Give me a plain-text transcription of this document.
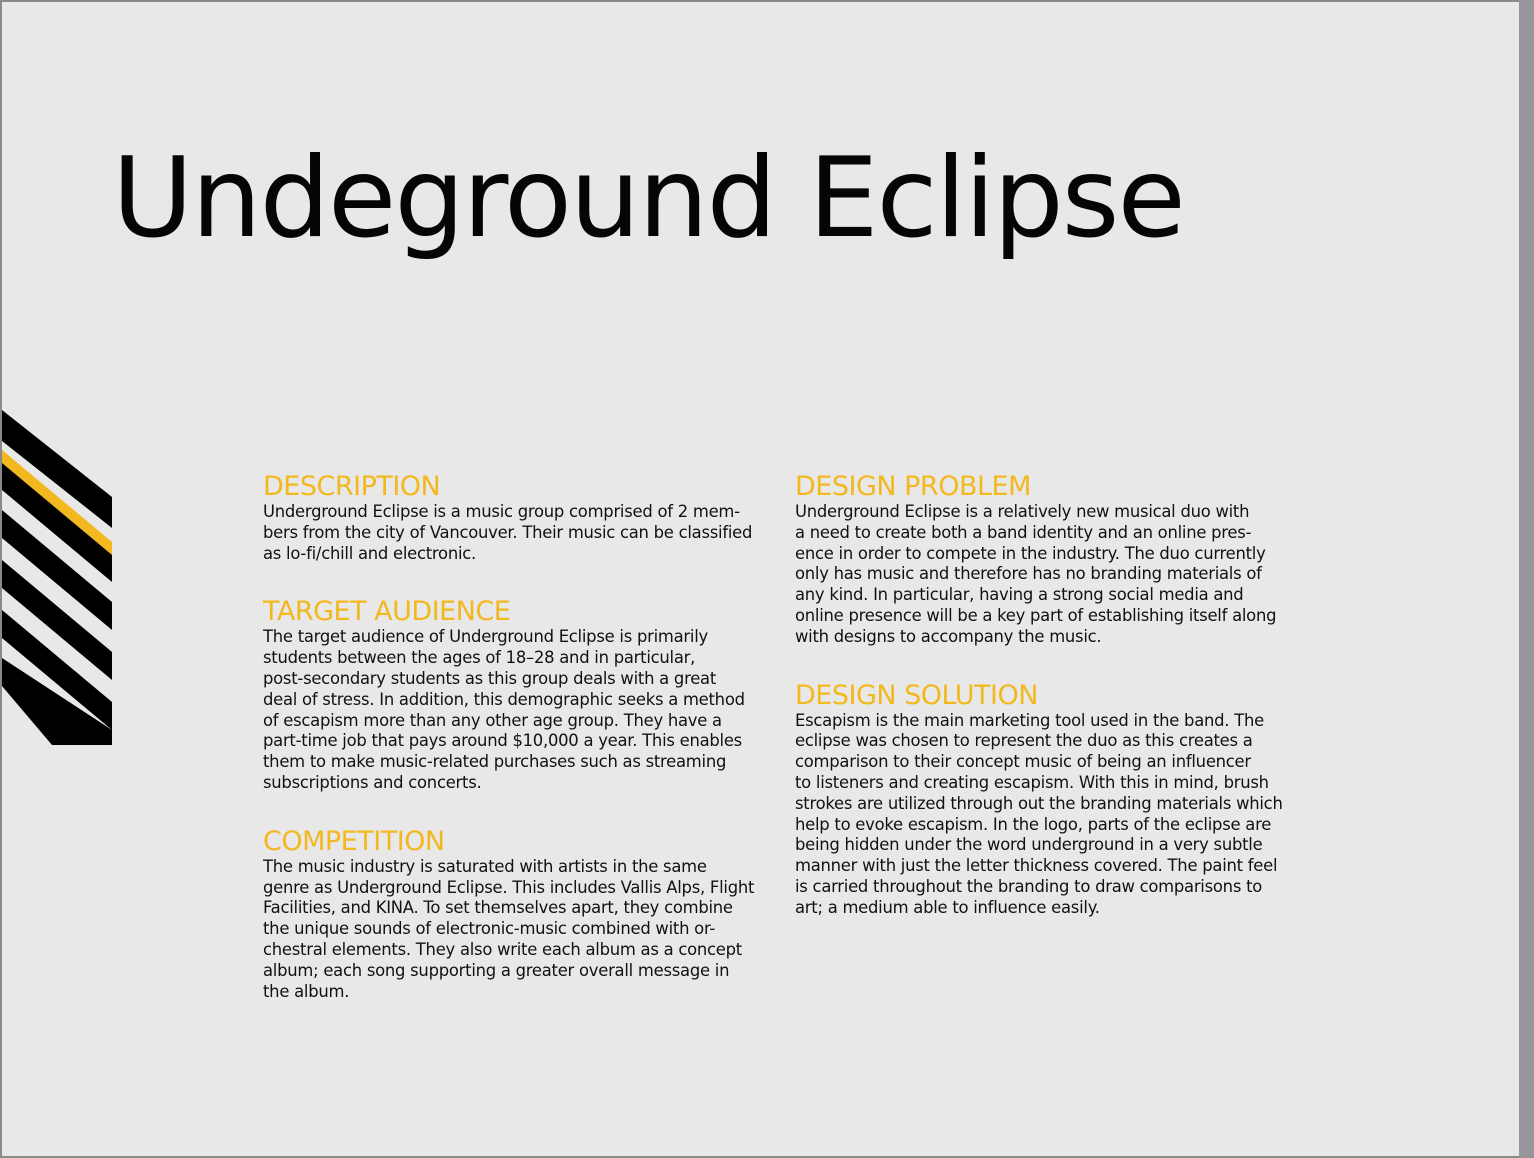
Undeground Eclipse
DESCRIPTION
Underground Eclipse is a music group comprised of 2 mem-
bers from the city of Vancouver. Their music can be classified
as lo-fi/chill and electronic.
TARGET AUDIENCE
The target audience of Underground Eclipse is primarily
students between the ages of 18–28 and in particular,
post-secondary students as this group deals with a great
deal of stress. In addition, this demographic seeks a method
of escapism more than any other age group. They have a
part-time job that pays around $10,000 a year. This enables
them to make music-related purchases such as streaming
subscriptions and concerts.
COMPETITION
The music industry is saturated with artists in the same
genre as Underground Eclipse. This includes Vallis Alps, Flight
Facilities, and KINA. To set themselves apart, they combine
the unique sounds of electronic-music combined with or-
chestral elements. They also write each album as a concept
album; each song supporting a greater overall message in
the album.
DESIGN PROBLEM
Underground Eclipse is a relatively new musical duo with
a need to create both a band identity and an online pres-
ence in order to compete in the industry. The duo currently
only has music and therefore has no branding materials of
any kind. In particular, having a strong social media and
online presence will be a key part of establishing itself along
with designs to accompany the music.
DESIGN SOLUTION
Escapism is the main marketing tool used in the band. The
eclipse was chosen to represent the duo as this creates a
comparison to their concept music of being an influencer
to listeners and creating escapism. With this in mind, brush
strokes are utilized through out the branding materials which
help to evoke escapism. In the logo, parts of the eclipse are
being hidden under the word underground in a very subtle
manner with just the letter thickness covered. The paint feel
is carried throughout the branding to draw comparisons to
art; a medium able to influence easily.
